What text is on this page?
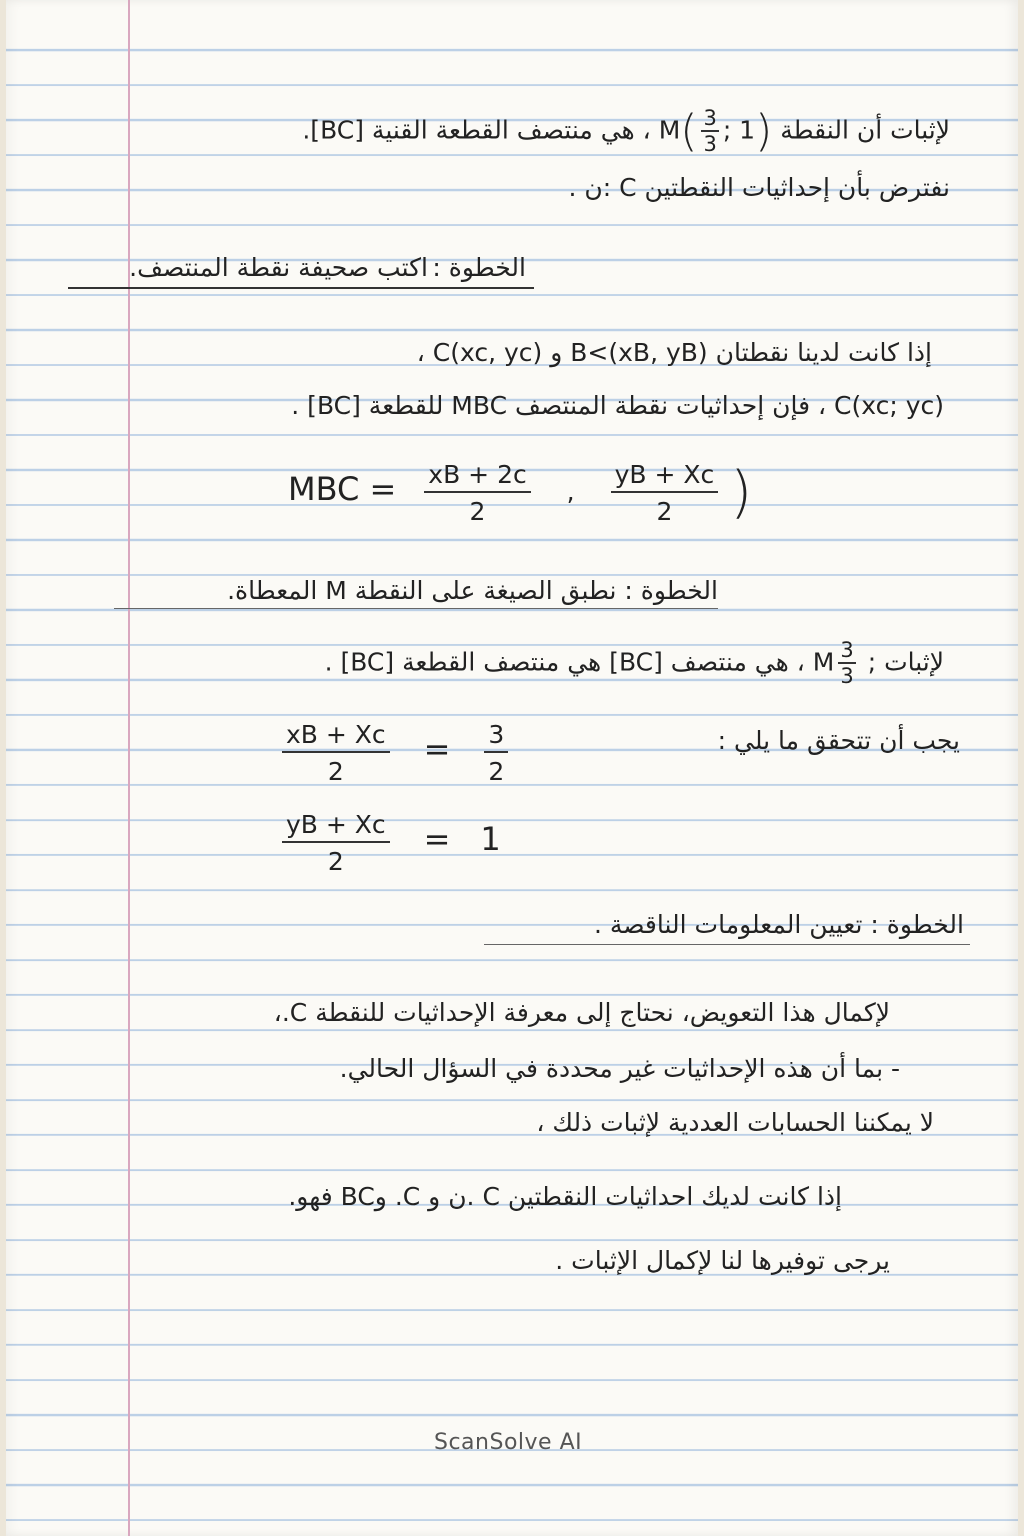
لإثبات أن النقطة $M( \frac{3}{3}$ ; 1) ، هي منتصف القطعة القنية [BC].
نفترض بأن إحداثيات النقطتين C :ن .
الخطوة :
اكتب صحيفة نقطة المنتصف.
إذا كانت لدينا نقطتان B<(xB, yB) و C(xc, yc) ،
C(xc; yc) ، فإن إحداثيات نقطة المنتصف MBC للقطعة [BC] .
MBC = $\frac{xB + 2c}{2}$ , $\frac{yB + Xc}{2}$ )
الخطوة : نطبق الصيغة على النقطة M المعطاة.
لإثبات ; M $\frac{3}{3}$
، هي منتصف [BC] هي منتصف القطعة [BC] .
يجب أن تتحقق ما يلي :
$\frac{xB + Xc}{2} = \frac{3}{2}$
$\frac{yB + Xc}{2} = 1$
الخطوة : تعيين المعلومات الناقصة .
لإكمال هذا التعويض، نحتاج إلى معرفة الإحداثيات للنقطة C.،
- بما أن هذه الإحداثيات غير محددة في السؤال الحالي.
لا يمكننا الحسابات العددية لإثبات ذلك ،
إذا كانت لديك احداثيات النقطتين C .ن و C. وBC فهو.
يرجى توفيرها لنا لإكمال الإثبات .
ScanSolve AI
